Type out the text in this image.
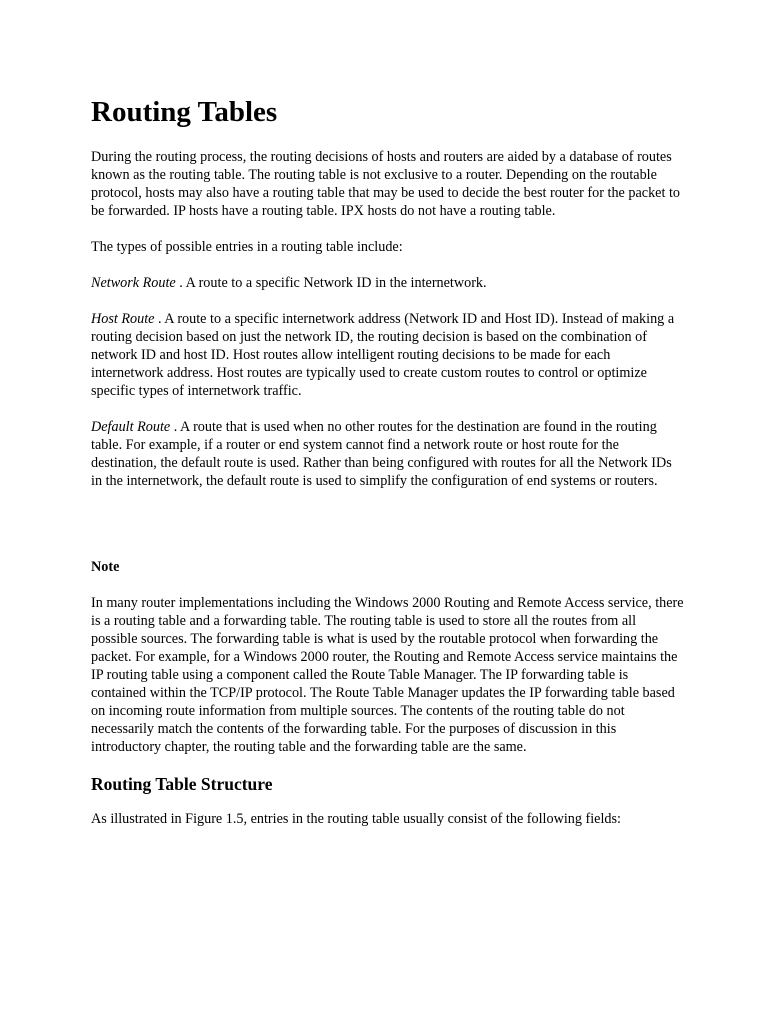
Routing Tables

During the routing process, the routing decisions of hosts and routers are aided by a database of routes known as the routing table. The routing table is not exclusive to a router. Depending on the routable protocol, hosts may also have a routing table that may be used to decide the best router for the packet to be forwarded. IP hosts have a routing table. IPX hosts do not have a routing table.

The types of possible entries in a routing table include:

Network Route . A route to a specific Network ID in the internetwork.

Host Route . A route to a specific internetwork address (Network ID and Host ID). Instead of making a routing decision based on just the network ID, the routing decision is based on the combination of network ID and host ID. Host routes allow intelligent routing decisions to be made for each internetwork address. Host routes are typically used to create custom routes to control or optimize specific types of internetwork traffic.

Default Route . A route that is used when no other routes for the destination are found in the routing table. For example, if a router or end system cannot find a network route or host route for the destination, the default route is used. Rather than being configured with routes for all the Network IDs in the internetwork, the default route is used to simplify the configuration of end systems or routers.

Note

In many router implementations including the Windows 2000 Routing and Remote Access service, there is a routing table and a forwarding table. The routing table is used to store all the routes from all possible sources. The forwarding table is what is used by the routable protocol when forwarding the packet. For example, for a Windows 2000 router, the Routing and Remote Access service maintains the IP routing table using a component called the Route Table Manager. The IP forwarding table is contained within the TCP/IP protocol. The Route Table Manager updates the IP forwarding table based on incoming route information from multiple sources. The contents of the routing table do not necessarily match the contents of the forwarding table. For the purposes of discussion in this introductory chapter, the routing table and the forwarding table are the same.

Routing Table Structure

As illustrated in Figure 1.5, entries in the routing table usually consist of the following fields:
